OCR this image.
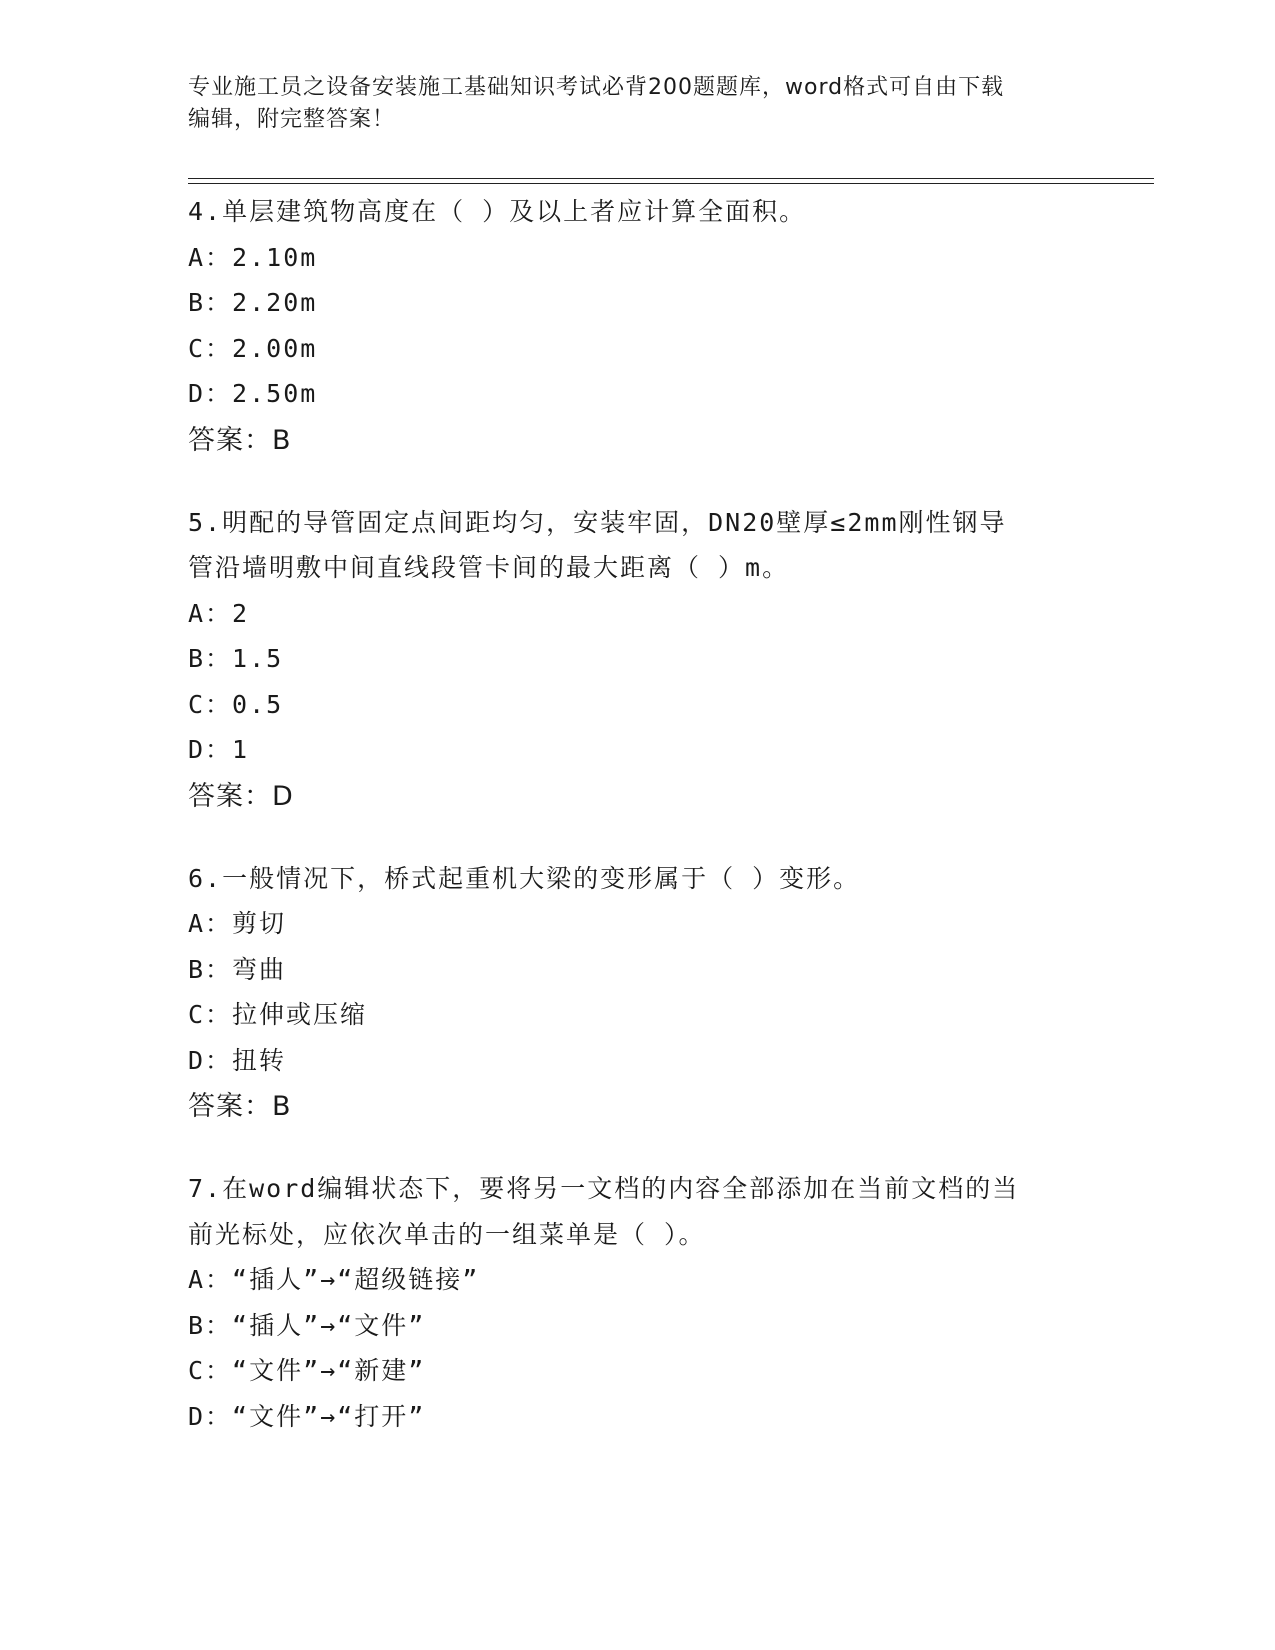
专业施工员之设备安装施工基础知识考试必背200题题库，word格式可自由下载
编辑，附完整答案！
4.单层建筑物高度在（ ）及以上者应计算全面积。
A：2.10m
B：2.20m
C：2.00m
D：2.50m
答案：B
5.明配的导管固定点间距均匀，安装牢固，DN20壁厚≤2mm刚性钢导
管沿墙明敷中间直线段管卡间的最大距离（ ）m。
A：2
B：1.5
C：0.5
D：1
答案：D
6.一般情况下，桥式起重机大梁的变形属于（ ）变形。
A：剪切
B：弯曲
C：拉伸或压缩
D：扭转
答案：B
7.在word编辑状态下，要将另一文档的内容全部添加在当前文档的当
前光标处，应依次单击的一组菜单是（ ）。
A：“插人”→“超级链接”
B：“插人”→“文件”
C：“文件”→“新建”
D：“文件”→“打开”
